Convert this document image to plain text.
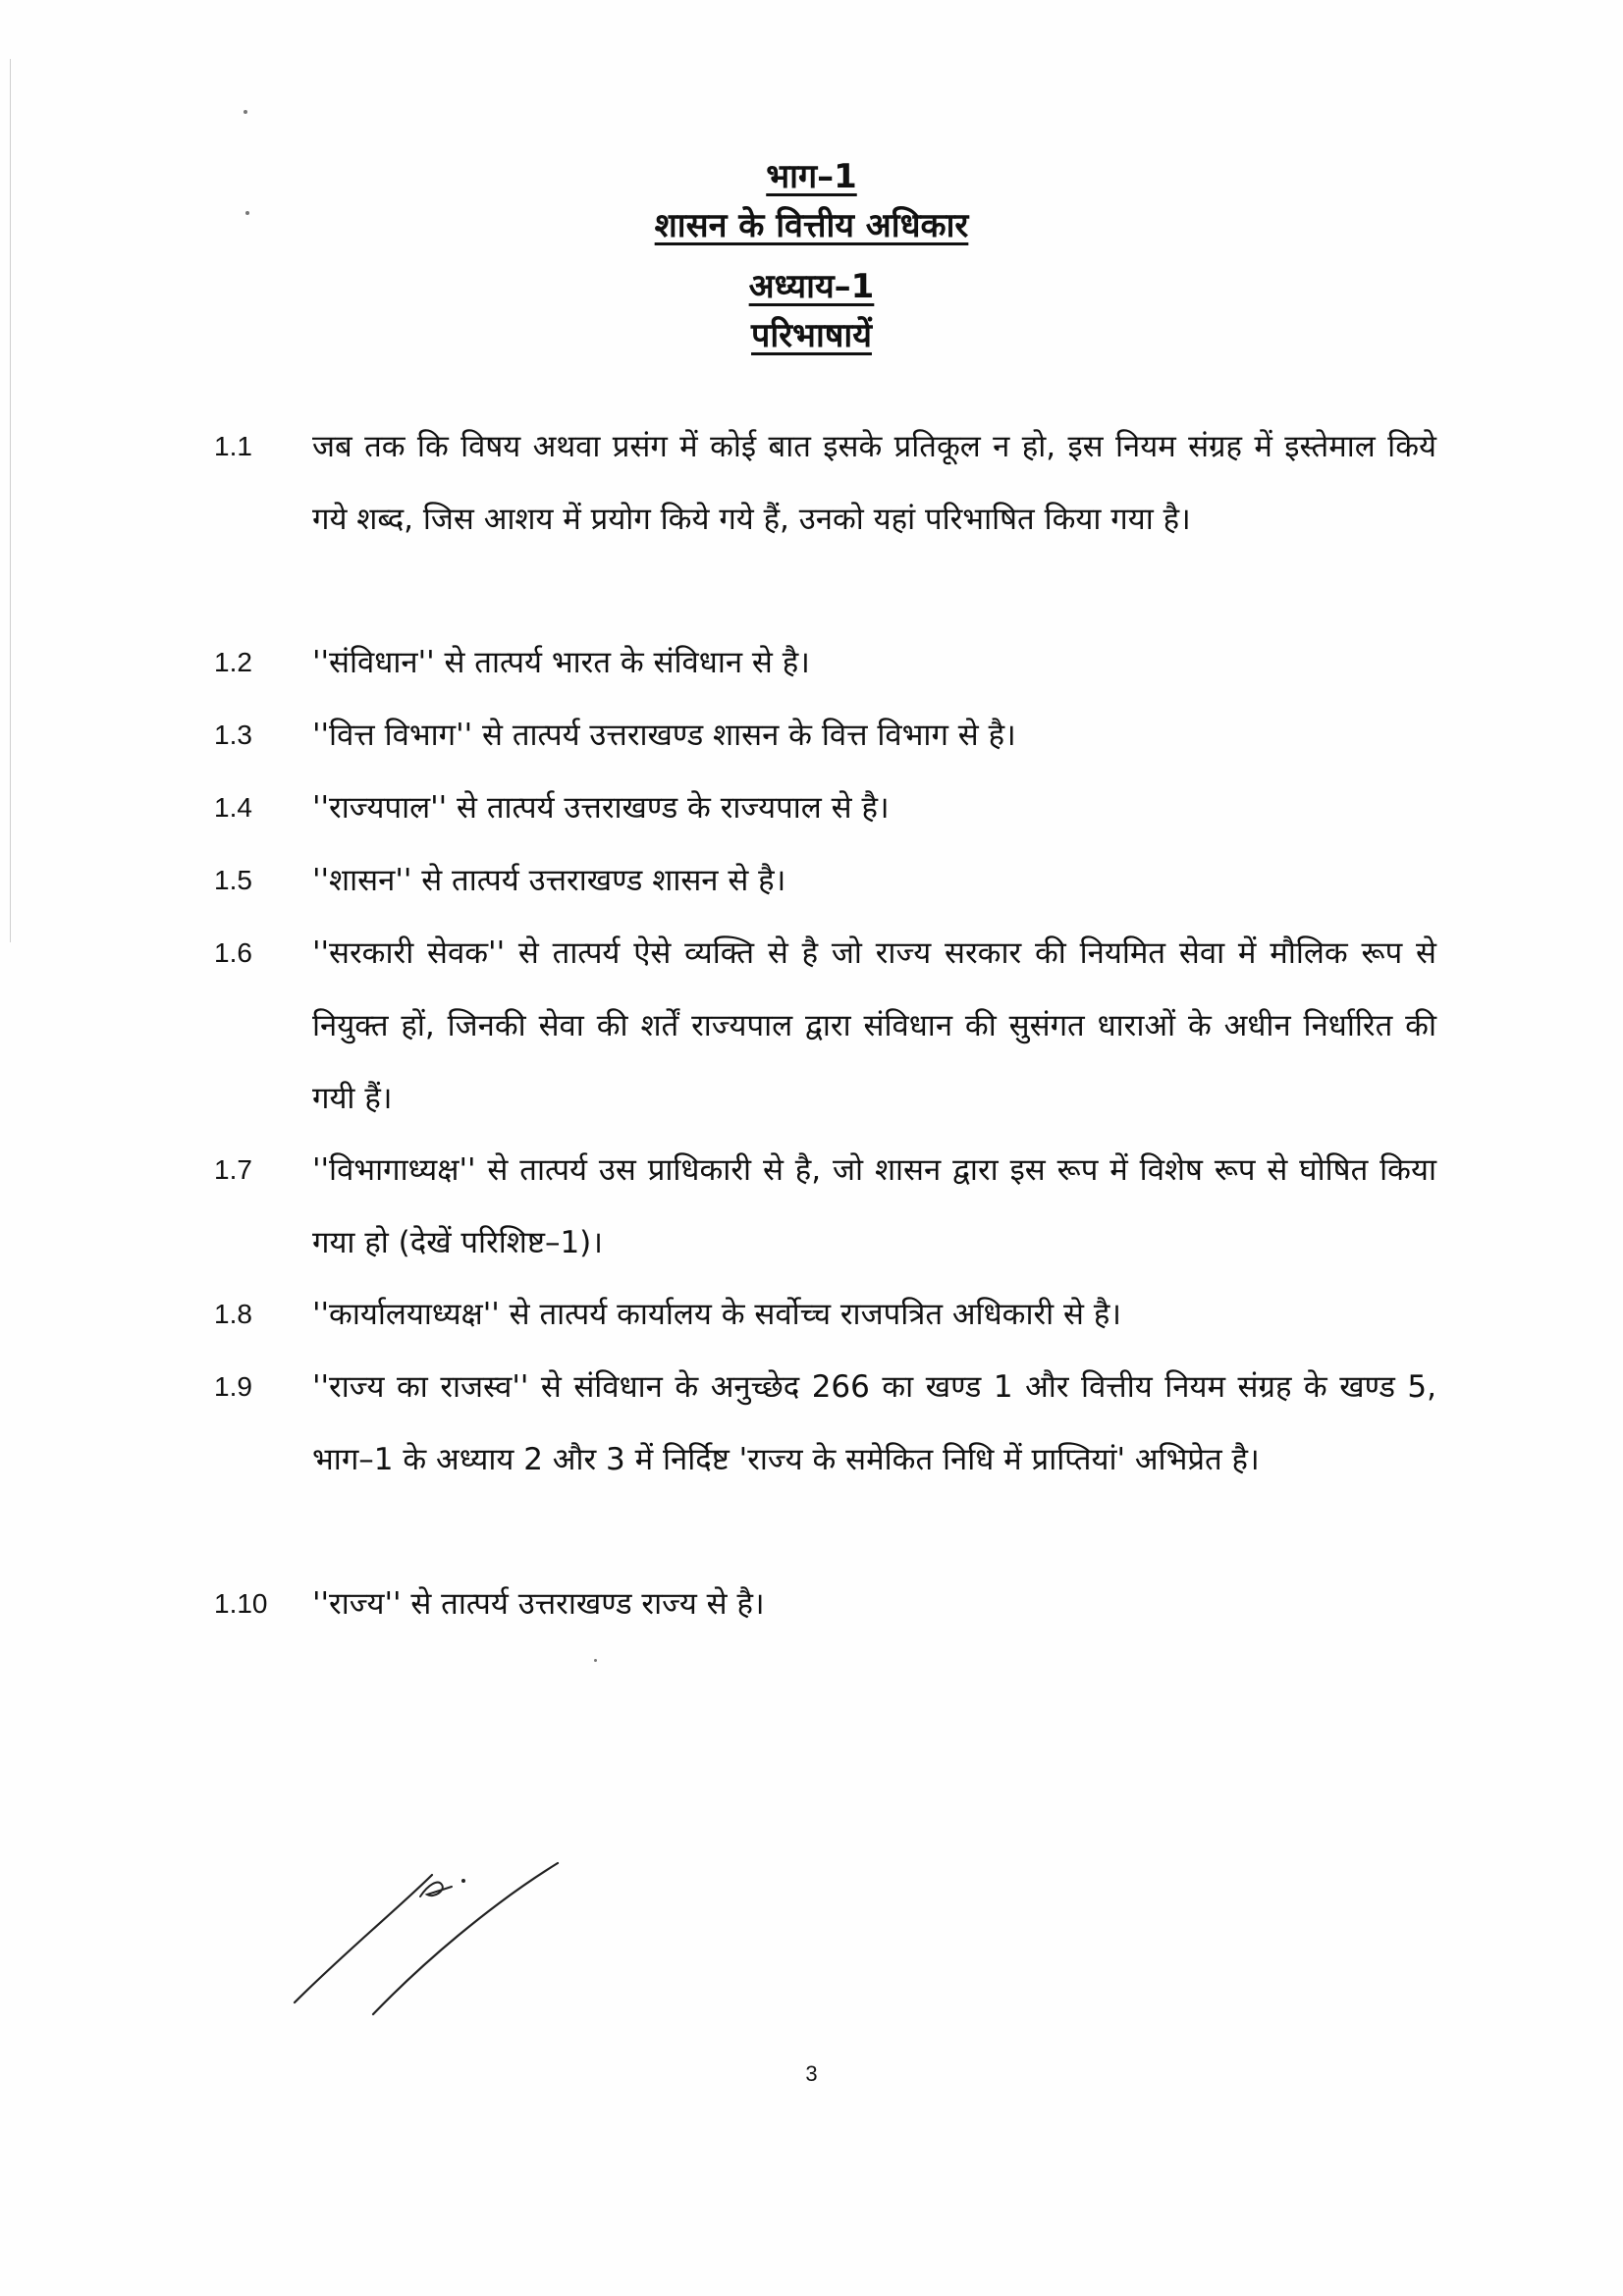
भाग–1
शासन के वित्तीय अधिकार
अध्याय–1
परिभाषायें
1.1	जब तक कि विषय अथवा प्रसंग में कोई बात इसके प्रतिकूल न हो, इस नियम संग्रह में इस्तेमाल किये गये शब्द, जिस आशय में प्रयोग किये गये हैं, उनको यहां परिभाषित किया गया है।
1.2	''संविधान'' से तात्पर्य भारत के संविधान से है।
1.3	''वित्त विभाग'' से तात्पर्य उत्तराखण्ड शासन के वित्त विभाग से है।
1.4	''राज्यपाल'' से तात्पर्य उत्तराखण्ड के राज्यपाल से है।
1.5	''शासन'' से तात्पर्य उत्तराखण्ड शासन से है।
1.6	''सरकारी सेवक'' से तात्पर्य ऐसे व्यक्ति से है जो राज्य सरकार की नियमित सेवा में मौलिक रूप से नियुक्त हों, जिनकी सेवा की शर्तें राज्यपाल द्वारा संविधान की सुसंगत धाराओं के अधीन निर्धारित की गयी हैं।
1.7	''विभागाध्यक्ष'' से तात्पर्य उस प्राधिकारी से है, जो शासन द्वारा इस रूप में विशेष रूप से घोषित किया गया हो (देखें परिशिष्ट–1)।
1.8	''कार्यालयाध्यक्ष'' से तात्पर्य कार्यालय के सर्वोच्च राजपत्रित अधिकारी से है।
1.9	''राज्य का राजस्व'' से संविधान के अनुच्छेद 266 का खण्ड 1 और वित्तीय नियम संग्रह के खण्ड 5, भाग–1 के अध्याय 2 और 3 में निर्दिष्ट 'राज्य के समेकित निधि में प्राप्तियां' अभिप्रेत है।
1.10	''राज्य'' से तात्पर्य उत्तराखण्ड राज्य से है।
3
